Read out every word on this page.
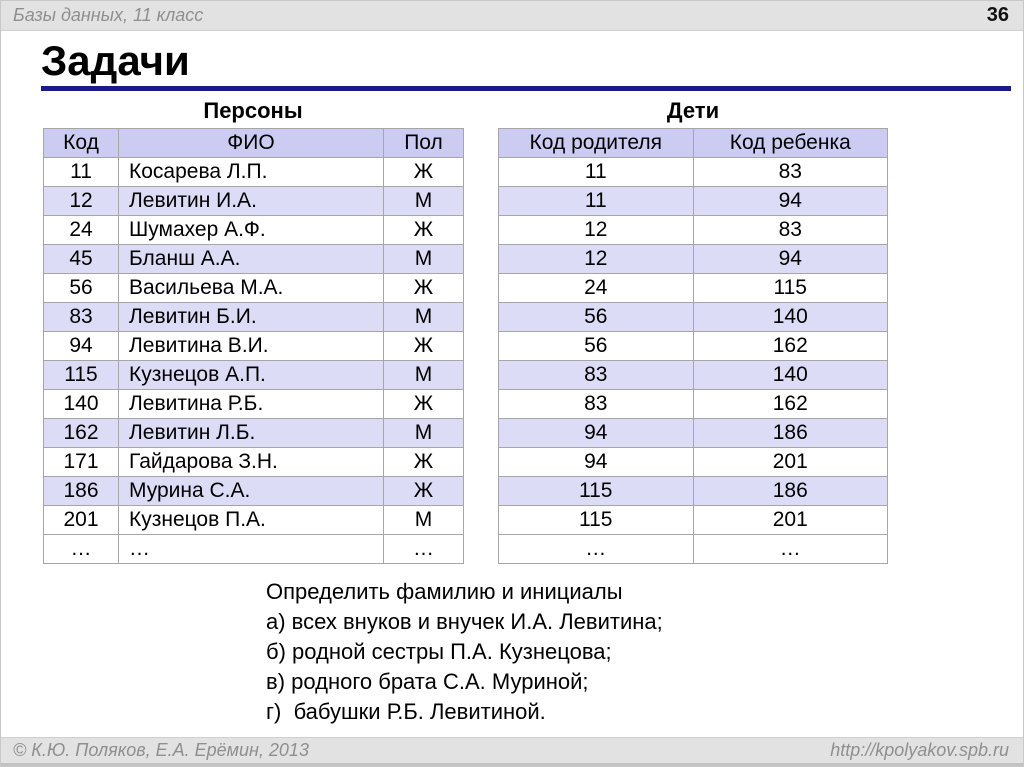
Базы данных, 11 класс	36
Задачи
Персоны
Код	ФИО	Пол
11	Косарева Л.П.	Ж
12	Левитин И.А.	М
24	Шумахер А.Ф.	Ж
45	Бланш А.А.	М
56	Васильева М.А.	Ж
83	Левитин Б.И.	М
94	Левитина В.И.	Ж
115	Кузнецов А.П.	М
140	Левитина Р.Б.	Ж
162	Левитин Л.Б.	М
171	Гайдарова З.Н.	Ж
186	Мурина С.А.	Ж
201	Кузнецов П.А.	М
…	…	…
Дети
Код родителя	Код ребенка
11	83
11	94
12	83
12	94
24	115
56	140
56	162
83	140
83	162
94	186
94	201
115	186
115	201
…	…
Определить фамилию и инициалы
а) всех внуков и внучек И.А. Левитина;
б) родной сестры П.А. Кузнецова;
в) родного брата С.А. Муриной;
г)  бабушки Р.Б. Левитиной.
© К.Ю. Поляков, Е.А. Ерёмин, 2013	http://kpolyakov.spb.ru
